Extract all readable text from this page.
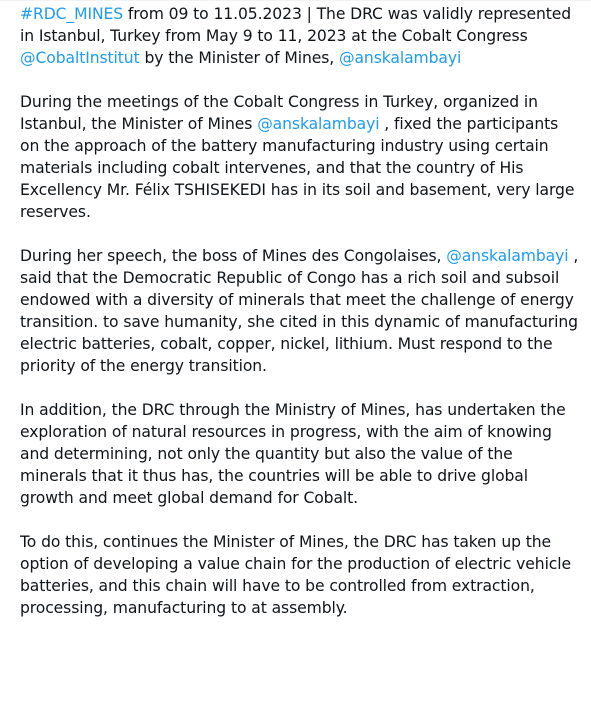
#RDC_MINES from 09 to 11.05.2023 | The DRC was validly represented in Istanbul, Turkey from May 9 to 11, 2023 at the Cobalt Congress @CobaltInstitut by the Minister of Mines, @anskalambayi

During the meetings of the Cobalt Congress in Turkey, organized in Istanbul, the Minister of Mines @anskalambayi , fixed the participants on the approach of the battery manufacturing industry using certain materials including cobalt intervenes, and that the country of His Excellency Mr. Félix TSHISEKEDI has in its soil and basement, very large reserves.

During her speech, the boss of Mines des Congolaises, @anskalambayi , said that the Democratic Republic of Congo has a rich soil and subsoil endowed with a diversity of minerals that meet the challenge of energy transition. to save humanity, she cited in this dynamic of manufacturing electric batteries, cobalt, copper, nickel, lithium. Must respond to the priority of the energy transition.

In addition, the DRC through the Ministry of Mines, has undertaken the exploration of natural resources in progress, with the aim of knowing and determining, not only the quantity but also the value of the minerals that it thus has, the countries will be able to drive global growth and meet global demand for Cobalt.

To do this, continues the Minister of Mines, the DRC has taken up the option of developing a value chain for the production of electric vehicle batteries, and this chain will have to be controlled from extraction, processing, manufacturing to at assembly.
